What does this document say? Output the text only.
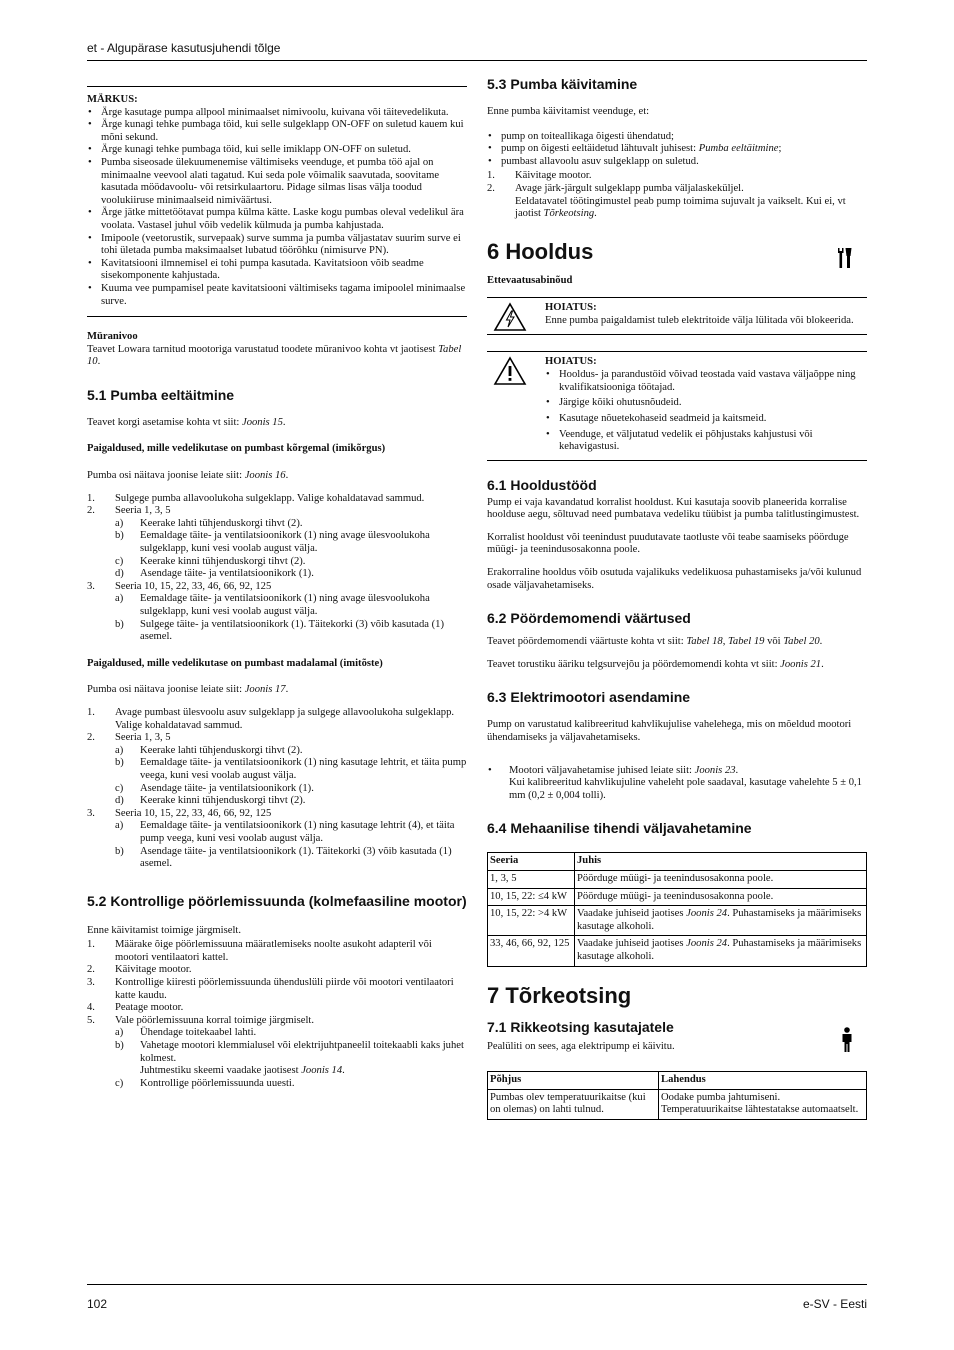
et - Algupärase kasutusjuhendi tõlge
102	e-SV - Eesti
MÄRKUS:
• Ärge kasutage pumpa allpool minimaalset nimivoolu, kuivana või täitevedelikuta.
• Ärge kunagi tehke pumbaga töid, kui selle sulgeklapp ON-OFF on suletud kauem kui mõni sekund.
• Ärge kunagi tehke pumbaga töid, kui selle imiklapp ON-OFF on suletud.
• Pumba siseosade ülekuumenemise vältimiseks veenduge, et pumba töö ajal on minimaalne veevool alati tagatud. Kui seda pole võimalik saavutada, soovitame kasutada möödavoolu- või retsirkulaartoru. Pidage silmas lisas välja toodud voolukiiruse minimaalseid nimiväärtusi.
• Ärge jätke mittetöötavat pumpa külma kätte. Laske kogu pumbas oleval vedelikul ära voolata. Vastasel juhul võib vedelik külmuda ja pumba kahjustada.
• Imipoole (veetorustik, survepaak) surve summa ja pumba väljastatav suurim surve ei tohi ületada pumba maksimaalset lubatud töörõhku (nimisurve PN).
• Kavitatsiooni ilmnemisel ei tohi pumpa kasutada. Kavitatsioon võib seadme sisekomponente kahjustada.
• Kuuma vee pumpamisel peate kavitatsiooni vältimiseks tagama imipoolel minimaalse surve.
Müranivoo

Teavet Lowara tarnitud mootoriga varustatud toodete müranivoo kohta vt jaotisest Tabel 10.

5.1 Pumba eeltäitmine

Teavet korgi asetamise kohta vt siit: Joonis 15.

Paigaldused, mille vedelikutase on pumbast kõrgemal (imikõrgus)

Pumba osi näitava joonise leiate siit: Joonis 16.

1. Sulgege pumba allavoolukoha sulgeklapp. Valige kohaldatavad sammud.
2. Seeria 1, 3, 5
a) Keerake lahti tühjenduskorgi tihvt (2).
b) Eemaldage täite- ja ventilatsioonikork (1) ning avage ülesvoolukoha sulgeklapp, kuni vesi voolab august välja.
c) Keerake kinni tühjenduskorgi tihvt (2).
d) Asendage täite- ja ventilatsioonikork (1).
3. Seeria 10, 15, 22, 33, 46, 66, 92, 125
a) Eemaldage täite- ja ventilatsioonikork (1) ning avage ülesvoolukoha sulgeklapp, kuni vesi voolab august välja.
b) Sulgege täite- ja ventilatsioonikork (1). Täitekorki (3) võib kasutada (1) asemel.
Paigaldused, mille vedelikutase on pumbast madalamal (imitõste)

Pumba osi näitava joonise leiate siit: Joonis 17.

1. Avage pumbast ülesvoolu asuv sulgeklapp ja sulgege allavoolukoha sulgeklapp. Valige kohaldatavad sammud.
2. Seeria 1, 3, 5
a) Keerake lahti tühjenduskorgi tihvt (2).
b) Eemaldage täite- ja ventilatsioonikork (1) ning kasutage lehtrit, et täita pump veega, kuni vesi voolab august välja.
c) Asendage täite- ja ventilatsioonikork (1).
d) Keerake kinni tühjenduskorgi tihvt (2).
3. Seeria 10, 15, 22, 33, 46, 66, 92, 125
a) Eemaldage täite- ja ventilatsioonikork (1) ning kasutage lehtrit (4), et täita pump veega, kuni vesi voolab august välja.
b) Asendage täite- ja ventilatsioonikork (1). Täitekorki (3) võib kasutada (1) asemel.
5.2 Kontrollige pöörlemissuunda (kolmefaasiline mootor)

Enne käivitamist toimige järgmiselt.

1. Määrake õige pöörlemissuuna määratlemiseks noolte asukoht adapteril või mootori ventilaatori kattel.
2. Käivitage mootor.
3. Kontrollige kiiresti pöörlemissuunda ühenduslüli piirde või mootori ventilaatori katte kaudu.
4. Peatage mootor.
5. Vale pöörlemissuuna korral toimige järgmiselt.
a) Ühendage toitekaabel lahti.
b) Vahetage mootori klemmialusel või elektrijuhtpaneelil toitekaabli kaks juhet kolmest.
Juhtmestiku skeemi vaadake jaotisest Joonis 14.
c) Kontrollige pöörlemissuunda uuesti.
5.3 Pumba käivitamine

Enne pumba käivitamist veenduge, et:

• pump on toiteallikaga õigesti ühendatud;
• pump on õigesti eeltäidetud lähtuvalt juhisest: Pumba eeltäitmine;
• pumbast allavoolu asuv sulgeklapp on suletud.
1. Käivitage mootor.
2. Avage järk-järgult sulgeklapp pumba väljalaskeküljel.
Eeldatavatel töötingimustel peab pump toimima sujuvalt ja vaikselt. Kui ei, vt jaotist Tõrkeotsing.
6 Hooldus
Ettevaatusabinõud
HOIATUS:
Enne pumba paigaldamist tuleb elektritoide välja lülitada või blokeerida.
HOIATUS:
• Hooldus- ja parandustöid võivad teostada vaid vastava väljaõppe ning kvalifikatsiooniga töötajad.
• Järgige kõiki ohutusnõudeid.
• Kasutage nõuetekohaseid seadmeid ja kaitsmeid.
• Veenduge, et väljutatud vedelik ei põhjustaks kahjustusi või kehavigastusi.
6.1 Hooldustööd

Pump ei vaja kavandatud korralist hooldust. Kui kasutaja soovib planeerida korralise hoolduse aegu, sõltuvad need pumbatava vedeliku tüübist ja pumba talitlustingimustest.

Korralist hooldust või teenindust puudutavate taotluste või teabe saamiseks pöörduge müügi- ja teenindusosakonna poole.

Erakorraline hooldus võib osutuda vajalikuks vedelikuosa puhastamiseks ja/või kulunud osade väljavahetamiseks.

6.2 Pöördemomendi väärtused

Teavet pöördemomendi väärtuste kohta vt siit: Tabel 18, Tabel 19 või Tabel 20.

Teavet torustiku ääriku telgsurvejõu ja pöördemomendi kohta vt siit: Joonis 21.

6.3 Elektrimootori asendamine

Pump on varustatud kalibreeritud kahvlikujulise vahelehega, mis on mõeldud mootori ühendamiseks ja väljavahetamiseks.

• Mootori väljavahetamise juhised leiate siit: Joonis 23.
Kui kalibreeritud kahvlikujuline vaheleht pole saadaval, kasutage vahelehte 5 ± 0,1 mm (0,2 ± 0,004 tolli).
6.4 Mehaanilise tihendi väljavahetamine
Seeria	Juhis
1, 3, 5	Pöörduge müügi- ja teenindusosakonna poole.
10, 15, 22: ≤4 kW	Pöörduge müügi- ja teenindusosakonna poole.
10, 15, 22: >4 kW	Vaadake juhiseid jaotises Joonis 24. Puhastamiseks ja määrimiseks kasutage alkoholi.
33, 46, 66, 92, 125	Vaadake juhiseid jaotises Joonis 24. Puhastamiseks ja määrimiseks kasutage alkoholi.
7 Tõrkeotsing
7.1 Rikkeotsing kasutajatele

Pealüliti on sees, aga elektripump ei käivitu.

Põhjus	Lahendus
Pumbas olev temperatuurikaitse (kui on olemas) on lahti tulnud.	Oodake pumba jahtumiseni. Temperatuurikaitse lähtestatakse automaatselt.
